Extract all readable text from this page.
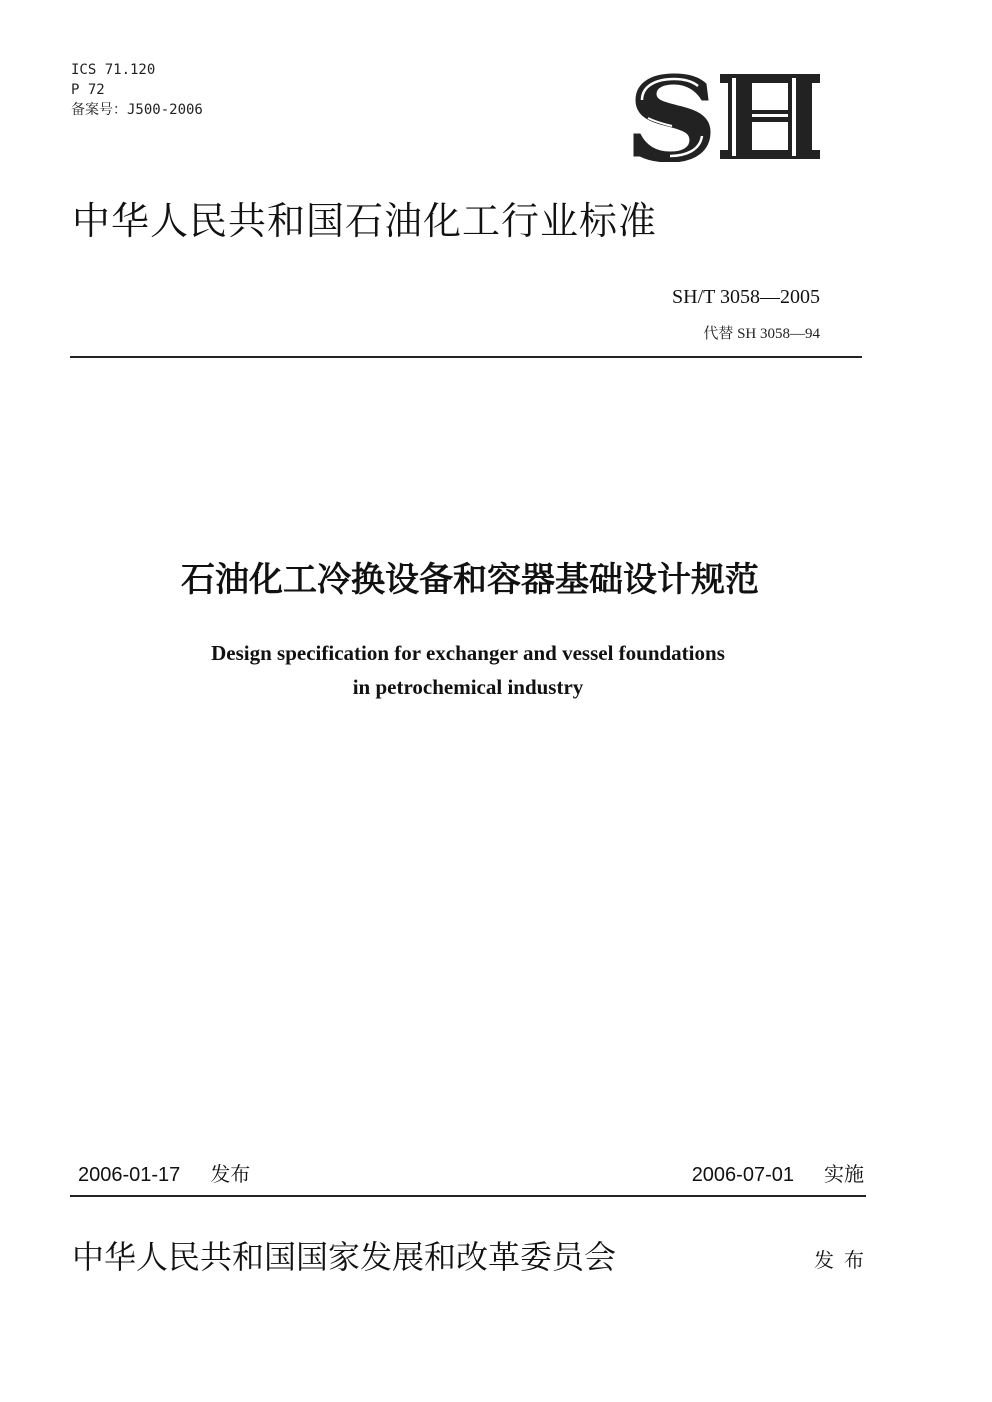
ICS 71.120
P 72
备案号：J500-2006
中华人民共和国石油化工行业标准
SH/T 3058—2005
代替 SH 3058—94
石油化工冷换设备和容器基础设计规范
Design specification for exchanger and vessel foundations
in petrochemical industry
2006-01-17 发布	2006-07-01 实施
中华人民共和国国家发展和改革委员会	发布
